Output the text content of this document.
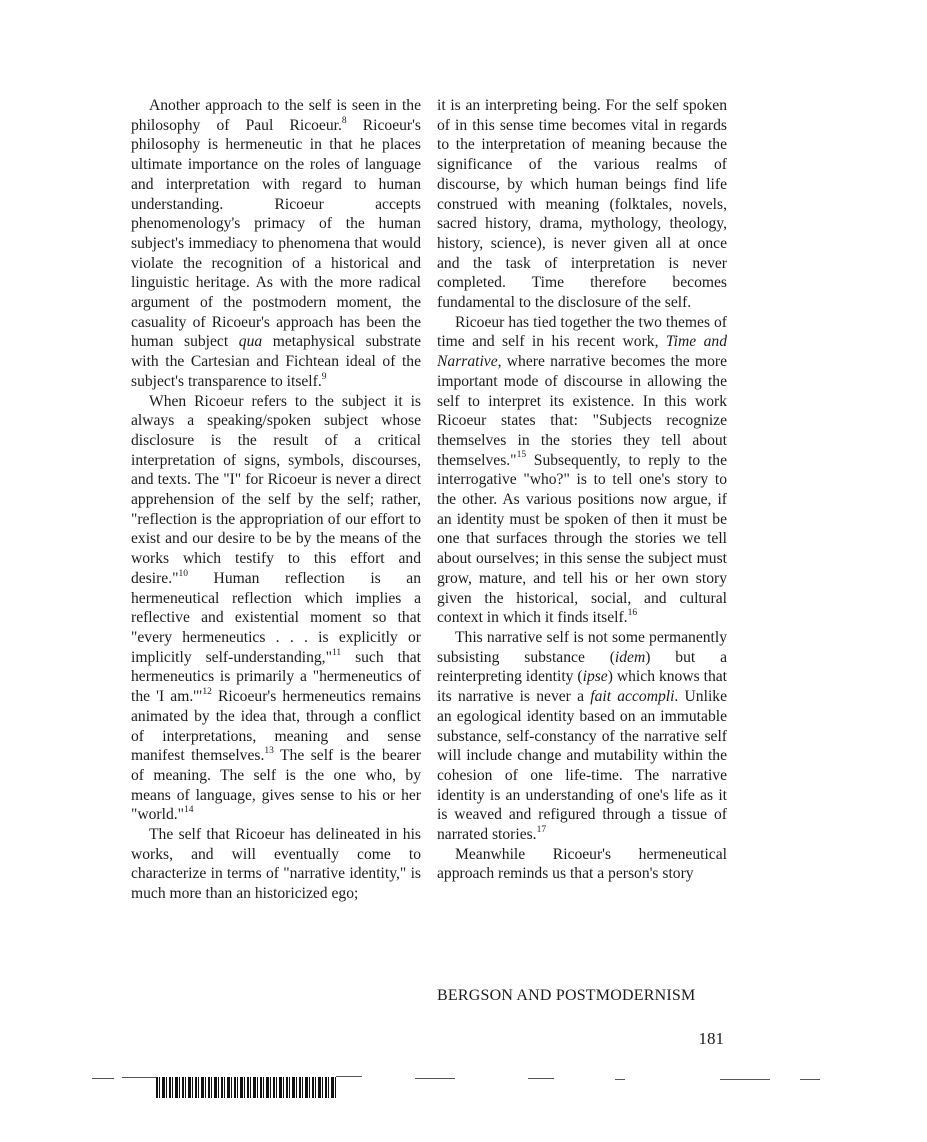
Another approach to the self is seen in the philosophy of Paul Ricoeur.$^8$ Ricoeur's philosophy is hermeneutic in that he places ultimate importance on the roles of language and interpretation with regard to human understanding. Ricoeur accepts phenomenology's primacy of the human subject's immediacy to phenomena that would violate the recognition of a historical and linguistic heritage. As with the more radical argument of the postmodern moment, the casuality of Ricoeur's approach has been the human subject qua metaphysical substrate with the Cartesian and Fichtean ideal of the subject's transparence to itself.$^9$

When Ricoeur refers to the subject it is always a speaking/spoken subject whose disclosure is the result of a critical interpretation of signs, symbols, discourses, and texts. The "I" for Ricoeur is never a direct apprehension of the self by the self; rather, "reflection is the appropriation of our effort to exist and our desire to be by the means of the works which testify to this effort and desire."$^{10}$ Human reflection is an hermeneutical reflection which implies a reflective and existential moment so that "every hermeneutics . . . is explicitly or implicitly self-understanding,"$^{11}$ such that hermeneutics is primarily a "hermeneutics of the 'I am.'"$^{12}$ Ricoeur's hermeneutics remains animated by the idea that, through a conflict of interpretations, meaning and sense manifest themselves.$^{13}$ The self is the bearer of meaning. The self is the one who, by means of language, gives sense to his or her "world."$^{14}$

The self that Ricoeur has delineated in his works, and will eventually come to characterize in terms of "narrative identity," is much more than an historicized ego;

it is an interpreting being. For the self spoken of in this sense time becomes vital in regards to the interpretation of meaning because the significance of the various realms of discourse, by which human beings find life construed with meaning (folktales, novels, sacred history, drama, mythology, theology, history, science), is never given all at once and the task of interpretation is never completed. Time therefore becomes fundamental to the disclosure of the self.

Ricoeur has tied together the two themes of time and self in his recent work, Time and Narrative, where narrative becomes the more important mode of discourse in allowing the self to interpret its existence. In this work Ricoeur states that: "Subjects recognize themselves in the stories they tell about themselves."$^{15}$ Subsequently, to reply to the interrogative "who?" is to tell one's story to the other. As various positions now argue, if an identity must be spoken of then it must be one that surfaces through the stories we tell about ourselves; in this sense the subject must grow, mature, and tell his or her own story given the historical, social, and cultural context in which it finds itself.$^{16}$

This narrative self is not some permanently subsisting substance (idem) but a reinterpreting identity (ipse) which knows that its narrative is never a fait accompli. Unlike an egological identity based on an immutable substance, self-constancy of the narrative self will include change and mutability within the cohesion of one life-time. The narrative identity is an understanding of one's life as it is weaved and refigured through a tissue of narrated stories.$^{17}$

Meanwhile Ricoeur's hermeneutical approach reminds us that a person's story

BERGSON AND POSTMODERNISM
181
